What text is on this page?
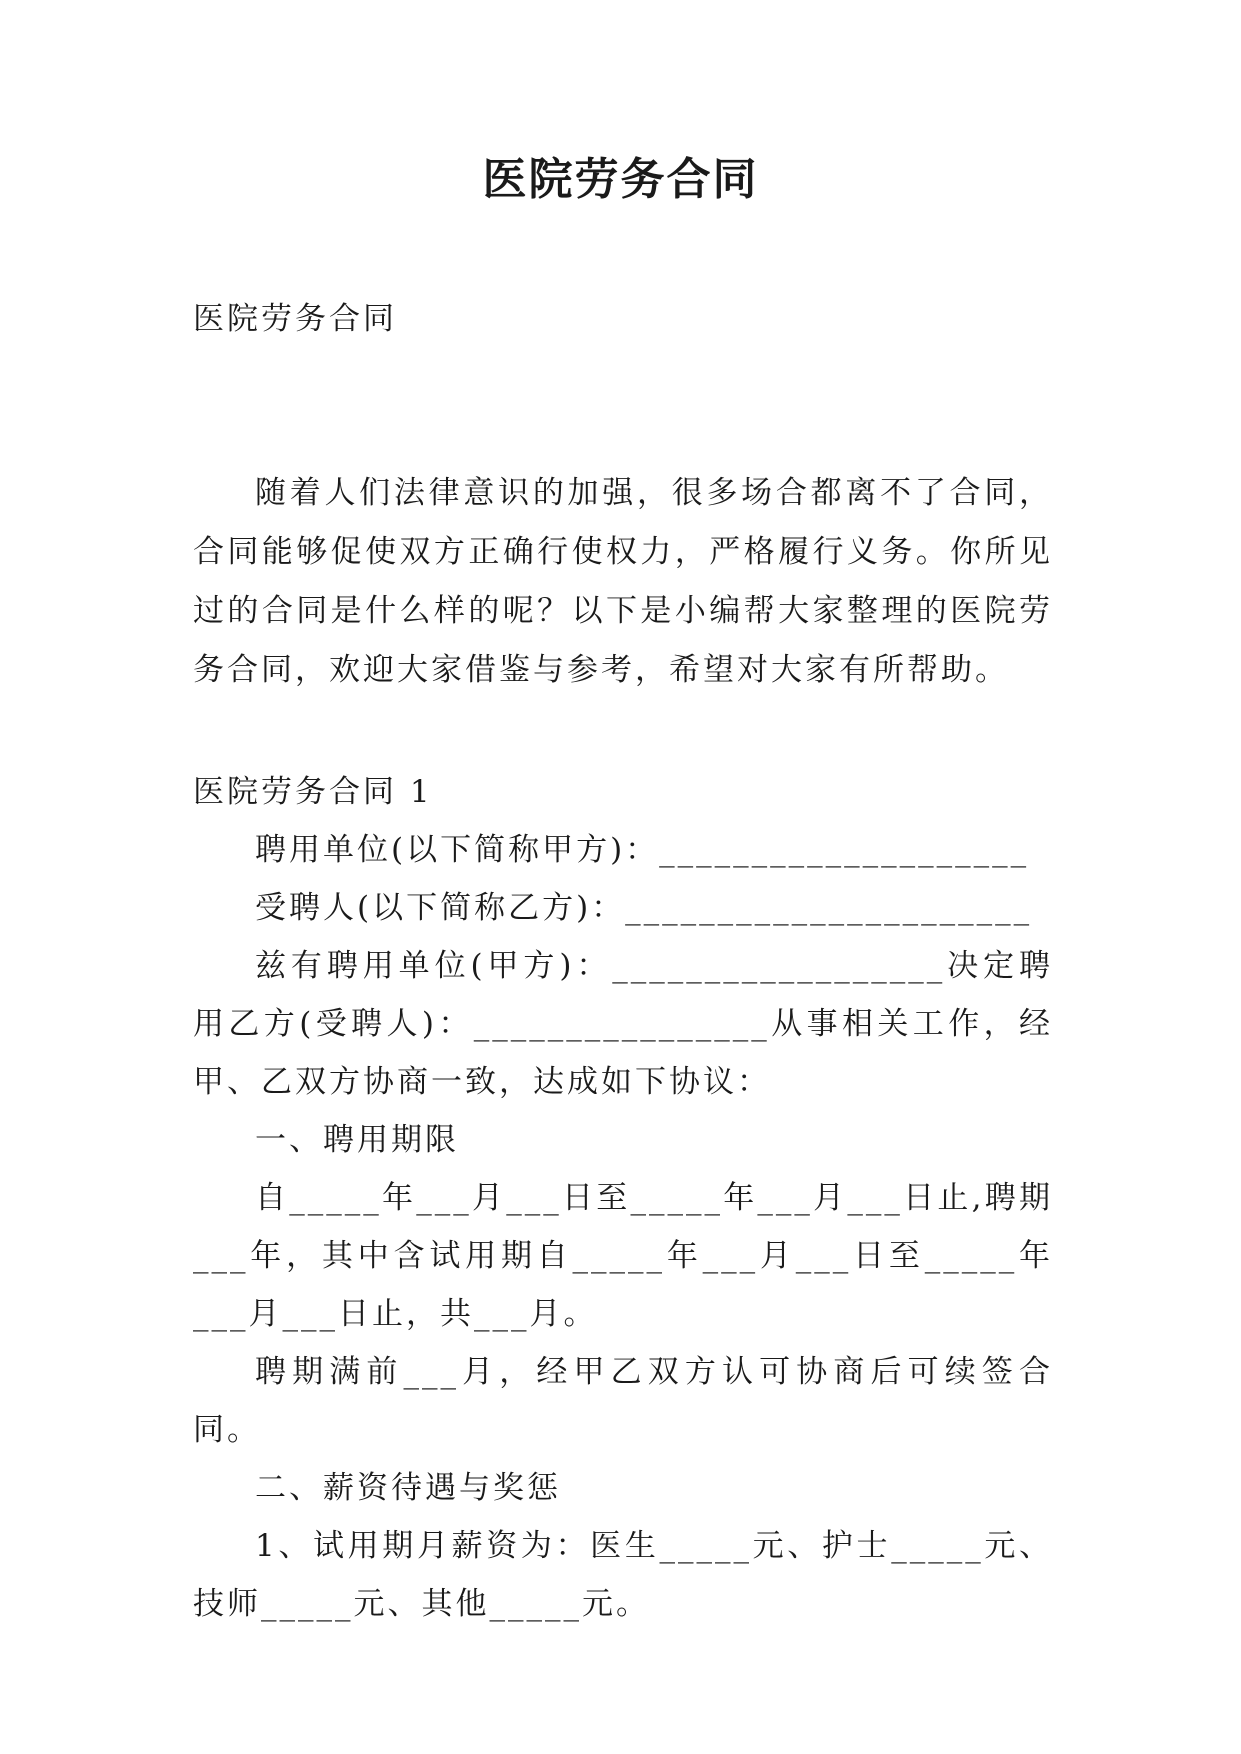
医院劳务合同

医院劳务合同

随着人们法律意识的加强，很多场合都离不了合同，合同能够促使双方正确行使权力，严格履行义务。你所见过的合同是什么样的呢？以下是小编帮大家整理的医院劳务合同，欢迎大家借鉴与参考，希望对大家有所帮助。

医院劳务合同 1

聘用单位(以下简称甲方)：____________________

受聘人(以下简称乙方)：______________________

兹有聘用单位(甲方)：__________________决定聘用乙方(受聘人)：________________从事相关工作，经甲、乙双方协商一致，达成如下协议：

一、聘用期限

自_____年___月___日至_____年___月___日止,聘期___年，其中含试用期自_____年___月___日至_____年___月___日止，共___月。

聘期满前___月，经甲乙双方认可协商后可续签合同。

二、薪资待遇与奖惩

1、试用期月薪资为：医生_____元、护士_____元、技师_____元、其他_____元。
